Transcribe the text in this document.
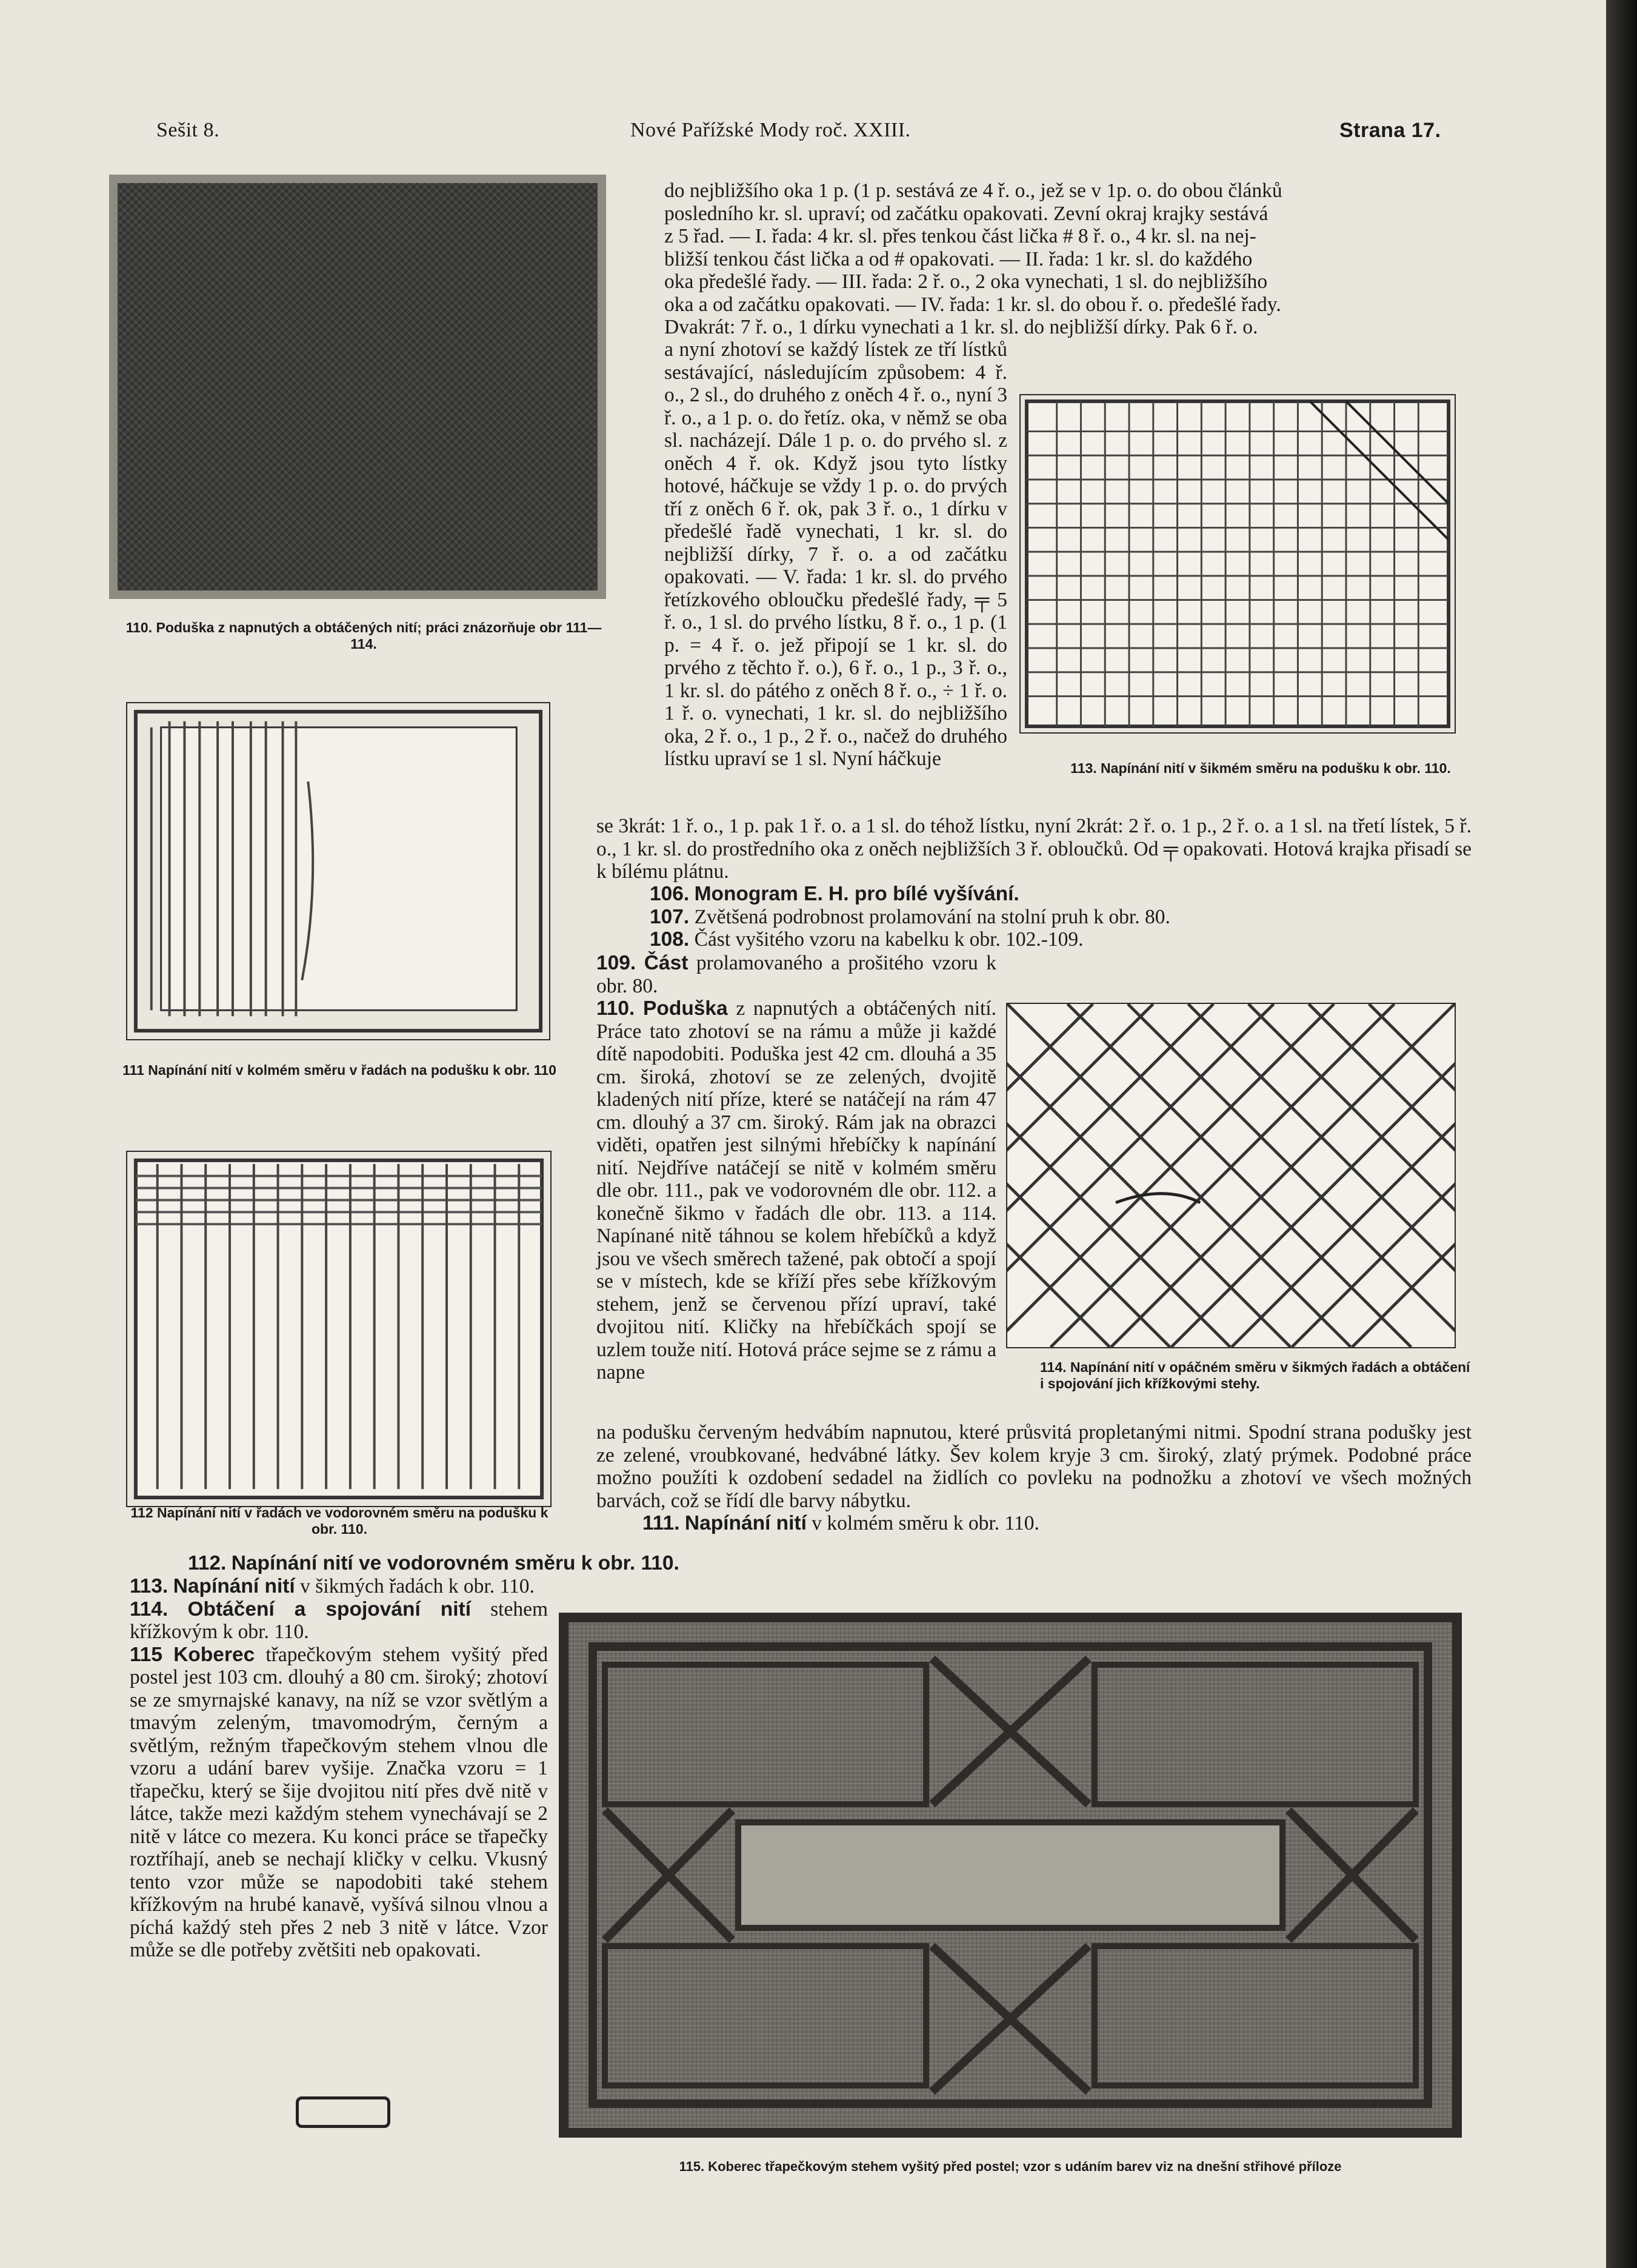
Sešit 8.	Nové Pařížské Mody roč. XXIII.	Strana 17.
110. Poduška z napnutých a obtáčených nití; práci znázorňuje obr 111—114.
111 Napínání nití v kolmém směru v řadách na podušku k obr. 110
112 Napínání nití v řadách ve vodorovném směru na podušku k obr. 110.
113. Napínání nití v šikmém směru na podušku k obr. 110.
114. Napínání nití v opáčném směru v šikmých řadách a obtáčení i spojování jich křížkovými stehy.
115. Koberec třapečkovým stehem vyšitý před postel; vzor s udáním barev viz na dnešní střihové příloze

do nejbližšího oka 1 p. (1 p. sestává ze 4 ř. o., jež se v 1p. o. do obou článků

posledního kr. sl. upraví; od začátku opakovati. Zevní okraj krajky sestává

z 5 řad. — I. řada: 4 kr. sl. přes tenkou část lička # 8 ř. o., 4 kr. sl. na nej-

bližší tenkou část lička a od # opakovati. — II. řada: 1 kr. sl. do každého

oka předešlé řady. — III. řada: 2 ř. o., 2 oka vynechati, 1 sl. do nejbližšího

oka a od začátku opakovati. — IV. řada: 1 kr. sl. do obou ř. o. předešlé řady.

Dvakrát: 7 ř. o., 1 dírku vynechati a 1 kr. sl. do nejbližší dírky. Pak 6 ř. o.

a nyní zhotoví se každý lístek ze tří lístků sestávající, následujícím způsobem: 4 ř. o., 2 sl., do druhého z oněch 4 ř. o., nyní 3 ř. o., a 1 p. o. do řetíz. oka, v němž se oba sl. nacházejí. Dále 1 p. o. do prvého sl. z oněch 4 ř. ok. Když jsou tyto lístky hotové, háčkuje se vždy 1 p. o. do prvých tří z oněch 6 ř. ok, pak 3 ř. o., 1 dírku v předešlé řadě vynechati, 1 kr. sl. do nejbližší dírky, 7 ř. o. a od začátku opakovati. — V. řada: 1 kr. sl. do prvého řetízkového obloučku předešlé řady, ╤ 5 ř. o., 1 sl. do prvého lístku, 8 ř. o., 1 p. (1 p. = 4 ř. o. jež připojí se 1 kr. sl. do prvého z těchto ř. o.), 6 ř. o., 1 p., 3 ř. o., 1 kr. sl. do pátého z oněch 8 ř. o., ÷ 1 ř. o. 1 ř. o. vynechati, 1 kr. sl. do nejbližšího oka, 2 ř. o., 1 p., 2 ř. o., načež do druhého lístku upraví se 1 sl. Nyní háčkuje
se 3krát: 1 ř. o., 1 p. pak 1 ř. o. a 1 sl. do téhož lístku, nyní 2krát: 2 ř. o. 1 p., 2 ř. o. a 1 sl. na třetí lístek, 5 ř. o., 1 kr. sl. do prostředního oka z oněch nejbližších 3 ř. obloučků. Od ╤ opakovati. Hotová krajka přisadí se k bílému plátnu.

106. Monogram E. H. pro bílé vyšívání.

107. Zvětšená podrobnost prolamování na stolní pruh k obr. 80.

108. Část vyšitého vzoru na kabelku k obr. 102.-109.

109. Část prolamovaného a prošitého vzoru k obr. 80.

110. Poduška z napnutých a obtáčených nití. Práce tato zhotoví se na rámu a může ji každé dítě napodobiti. Poduška jest 42 cm. dlouhá a 35 cm. široká, zhotoví se ze zelených, dvojitě kladených nití příze, které se natáčejí na rám 47 cm. dlouhý a 37 cm. široký. Rám jak na obrazci viděti, opatřen jest silnými hřebíčky k napínání nití. Nejdříve natáčejí se nitě v kolmém směru dle obr. 111., pak ve vodorovném dle obr. 112. a konečně šikmo v řadách dle obr. 113. a 114. Napínané nitě táhnou se kolem hřebíčků a když jsou ve všech směrech tažené, pak obtočí a spojí se v místech, kde se kříží přes sebe křížkovým stehem, jenž se červenou přízí upraví, také dvojitou nití. Kličky na hřebíčkách spojí se uzlem touže nití. Hotová práce sejme se z rámu a napne

na podušku červeným hedvábím napnutou, které průsvitá propletanými nitmi. Spodní strana podušky jest ze zelené, vroubkované, hedvábné látky. Šev kolem kryje 3 cm. široký, zlatý prýmek. Podobné práce možno použíti k ozdobení sedadel na židlích co povleku na podnožku a zhotoví ve všech možných barvách, což se řídí dle barvy nábytku.

111. Napínání nití v kolmém směru k obr. 110.

112. Napínání nití ve vodorovném směru k obr. 110.

113. Napínání nití v šikmých řadách k obr. 110.

114. Obtáčení a spojování nití stehem křížkovým k obr. 110.

115 Koberec třapečkovým stehem vyšitý před postel jest 103 cm. dlouhý a 80 cm. široký; zhotoví se ze smyrnajské kanavy, na níž se vzor světlým a tmavým zeleným, tmavomodrým, černým a světlým, režným třapečkovým stehem vlnou dle vzoru a udání barev vyšije. Značka vzoru = 1 třapečku, který se šije dvojitou nití přes dvě nitě v látce, takže mezi každým stehem vynechávají se 2 nitě v látce co mezera. Ku konci práce se třapečky roztříhají, aneb se nechají kličky v celku. Vkusný tento vzor může se napodobiti také stehem křížkovým na hrubé kanavě, vyšívá silnou vlnou a píchá každý steh přes 2 neb 3 nitě v látce. Vzor může se dle potřeby zvětšiti neb opakovati.
